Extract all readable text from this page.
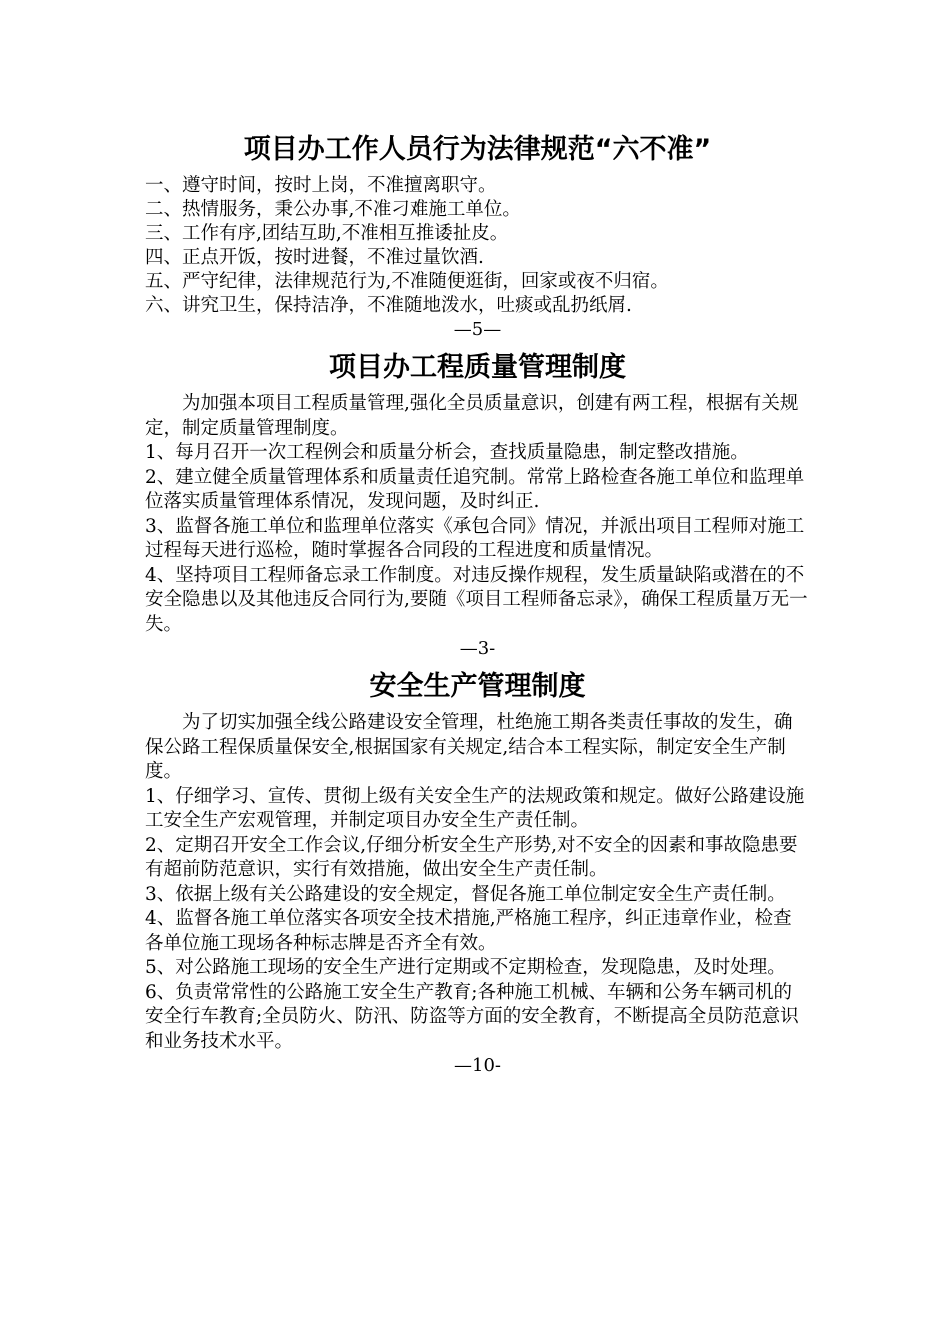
项目办工作人员行为法律规范“六不准”

一、遵守时间，按时上岗，不准擅离职守。

二、热情服务，秉公办事,不准刁难施工单位。

三、工作有序,团结互助,不准相互推诿扯皮。

四、正点开饭，按时进餐，不准过量饮酒.

五、严守纪律，法律规范行为,不准随便逛街，回家或夜不归宿。

六、讲究卫生，保持洁净，不准随地泼水，吐痰或乱扔纸屑.

—5—

项目办工程质量管理制度

为加强本项目工程质量管理,强化全员质量意识，创建有两工程，根据有关规定，制定质量管理制度。

1、每月召开一次工程例会和质量分析会，查找质量隐患，制定整改措施。

2、建立健全质量管理体系和质量责任追究制。常常上路检查各施工单位和监理单位落实质量管理体系情况，发现问题，及时纠正.

3、监督各施工单位和监理单位落实《承包合同》情况，并派出项目工程师对施工过程每天进行巡检，随时掌握各合同段的工程进度和质量情况。

4、坚持项目工程师备忘录工作制度。对违反操作规程，发生质量缺陷或潜在的不安全隐患以及其他违反合同行为,要随《项目工程师备忘录》，确保工程质量万无一失。

—3-

安全生产管理制度

为了切实加强全线公路建设安全管理，杜绝施工期各类责任事故的发生，确保公路工程保质量保安全,根据国家有关规定,结合本工程实际，制定安全生产制度。

1、仔细学习、宣传、贯彻上级有关安全生产的法规政策和规定。做好公路建设施工安全生产宏观管理，并制定项目办安全生产责任制。

2、定期召开安全工作会议,仔细分析安全生产形势,对不安全的因素和事故隐患要有超前防范意识，实行有效措施，做出安全生产责任制。

3、依据上级有关公路建设的安全规定，督促各施工单位制定安全生产责任制。

4、监督各施工单位落实各项安全技术措施,严格施工程序，纠正违章作业，检查各单位施工现场各种标志牌是否齐全有效。

5、对公路施工现场的安全生产进行定期或不定期检查，发现隐患，及时处理。

6、负责常常性的公路施工安全生产教育;各种施工机械、车辆和公务车辆司机的安全行车教育;全员防火、防汛、防盗等方面的安全教育，不断提高全员防范意识和业务技术水平。

—10-
